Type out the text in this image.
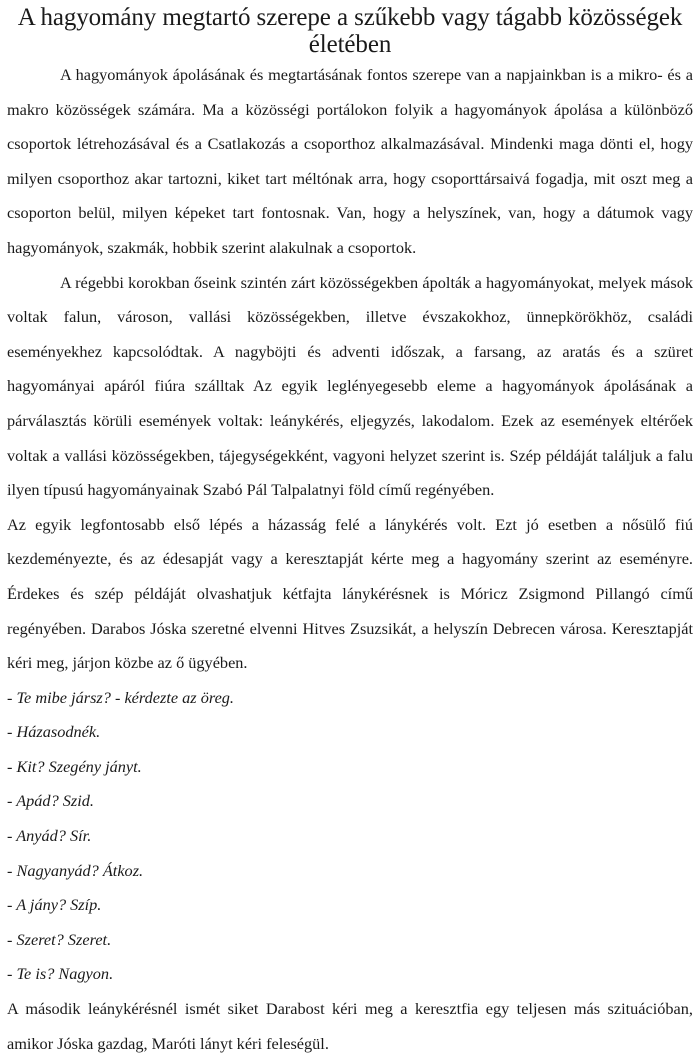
A hagyomány megtartó szerepe a szűkebb vagy tágabb közösségek életében

A hagyományok ápolásának és megtartásának fontos szerepe van a napjainkban is a mikro- és a makro közösségek számára. Ma a közösségi portálokon folyik a hagyományok ápolása a különböző csoportok létrehozásával és a Csatlakozás a csoporthoz alkalmazásával. Mindenki maga dönti el, hogy milyen csoporthoz akar tartozni, kiket tart méltónak arra, hogy csoporttársaivá fogadja, mit oszt meg a csoporton belül, milyen képeket tart fontosnak. Van, hogy a helyszínek, van, hogy a dátumok vagy hagyományok, szakmák, hobbik szerint alakulnak a csoportok.

A régebbi korokban őseink szintén zárt közösségekben ápolták a hagyományokat, melyek mások voltak falun, városon, vallási közösségekben, illetve évszakokhoz, ünnepkörökhöz, családi eseményekhez kapcsolódtak. A nagyböjti és adventi időszak, a farsang, az aratás és a szüret hagyományai apáról fiúra szálltak Az egyik leglényegesebb eleme a hagyományok ápolásának a párválasztás körüli események voltak: leánykérés, eljegyzés, lakodalom. Ezek az események eltérőek voltak a vallási közösségekben, tájegységekként, vagyoni helyzet szerint is. Szép példáját találjuk a falu ilyen típusú hagyományainak Szabó Pál Talpalatnyi föld című regényében.

Az egyik legfontosabb első lépés a házasság felé a lánykérés volt. Ezt jó esetben a nősülő fiú kezdeményezte, és az édesapját vagy a keresztapját kérte meg a hagyomány szerint az eseményre. Érdekes és szép példáját olvashatjuk kétfajta lánykérésnek is Móricz Zsigmond Pillangó című regényében. Darabos Jóska szeretné elvenni Hitves Zsuzsikát, a helyszín Debrecen városa. Keresztapját kéri meg, járjon közbe az ő ügyében.

- Te mibe jársz? - kérdezte az öreg.

- Házasodnék.

- Kit? Szegény jányt.

- Apád? Szid.

- Anyád? Sír.

- Nagyanyád? Átkoz.

- A jány? Szíp.

- Szeret? Szeret.

- Te is? Nagyon.

A második leánykérésnél ismét siket Darabost kéri meg a keresztfia egy teljesen más szituációban, amikor Jóska gazdag, Maróti lányt kéri feleségül.
